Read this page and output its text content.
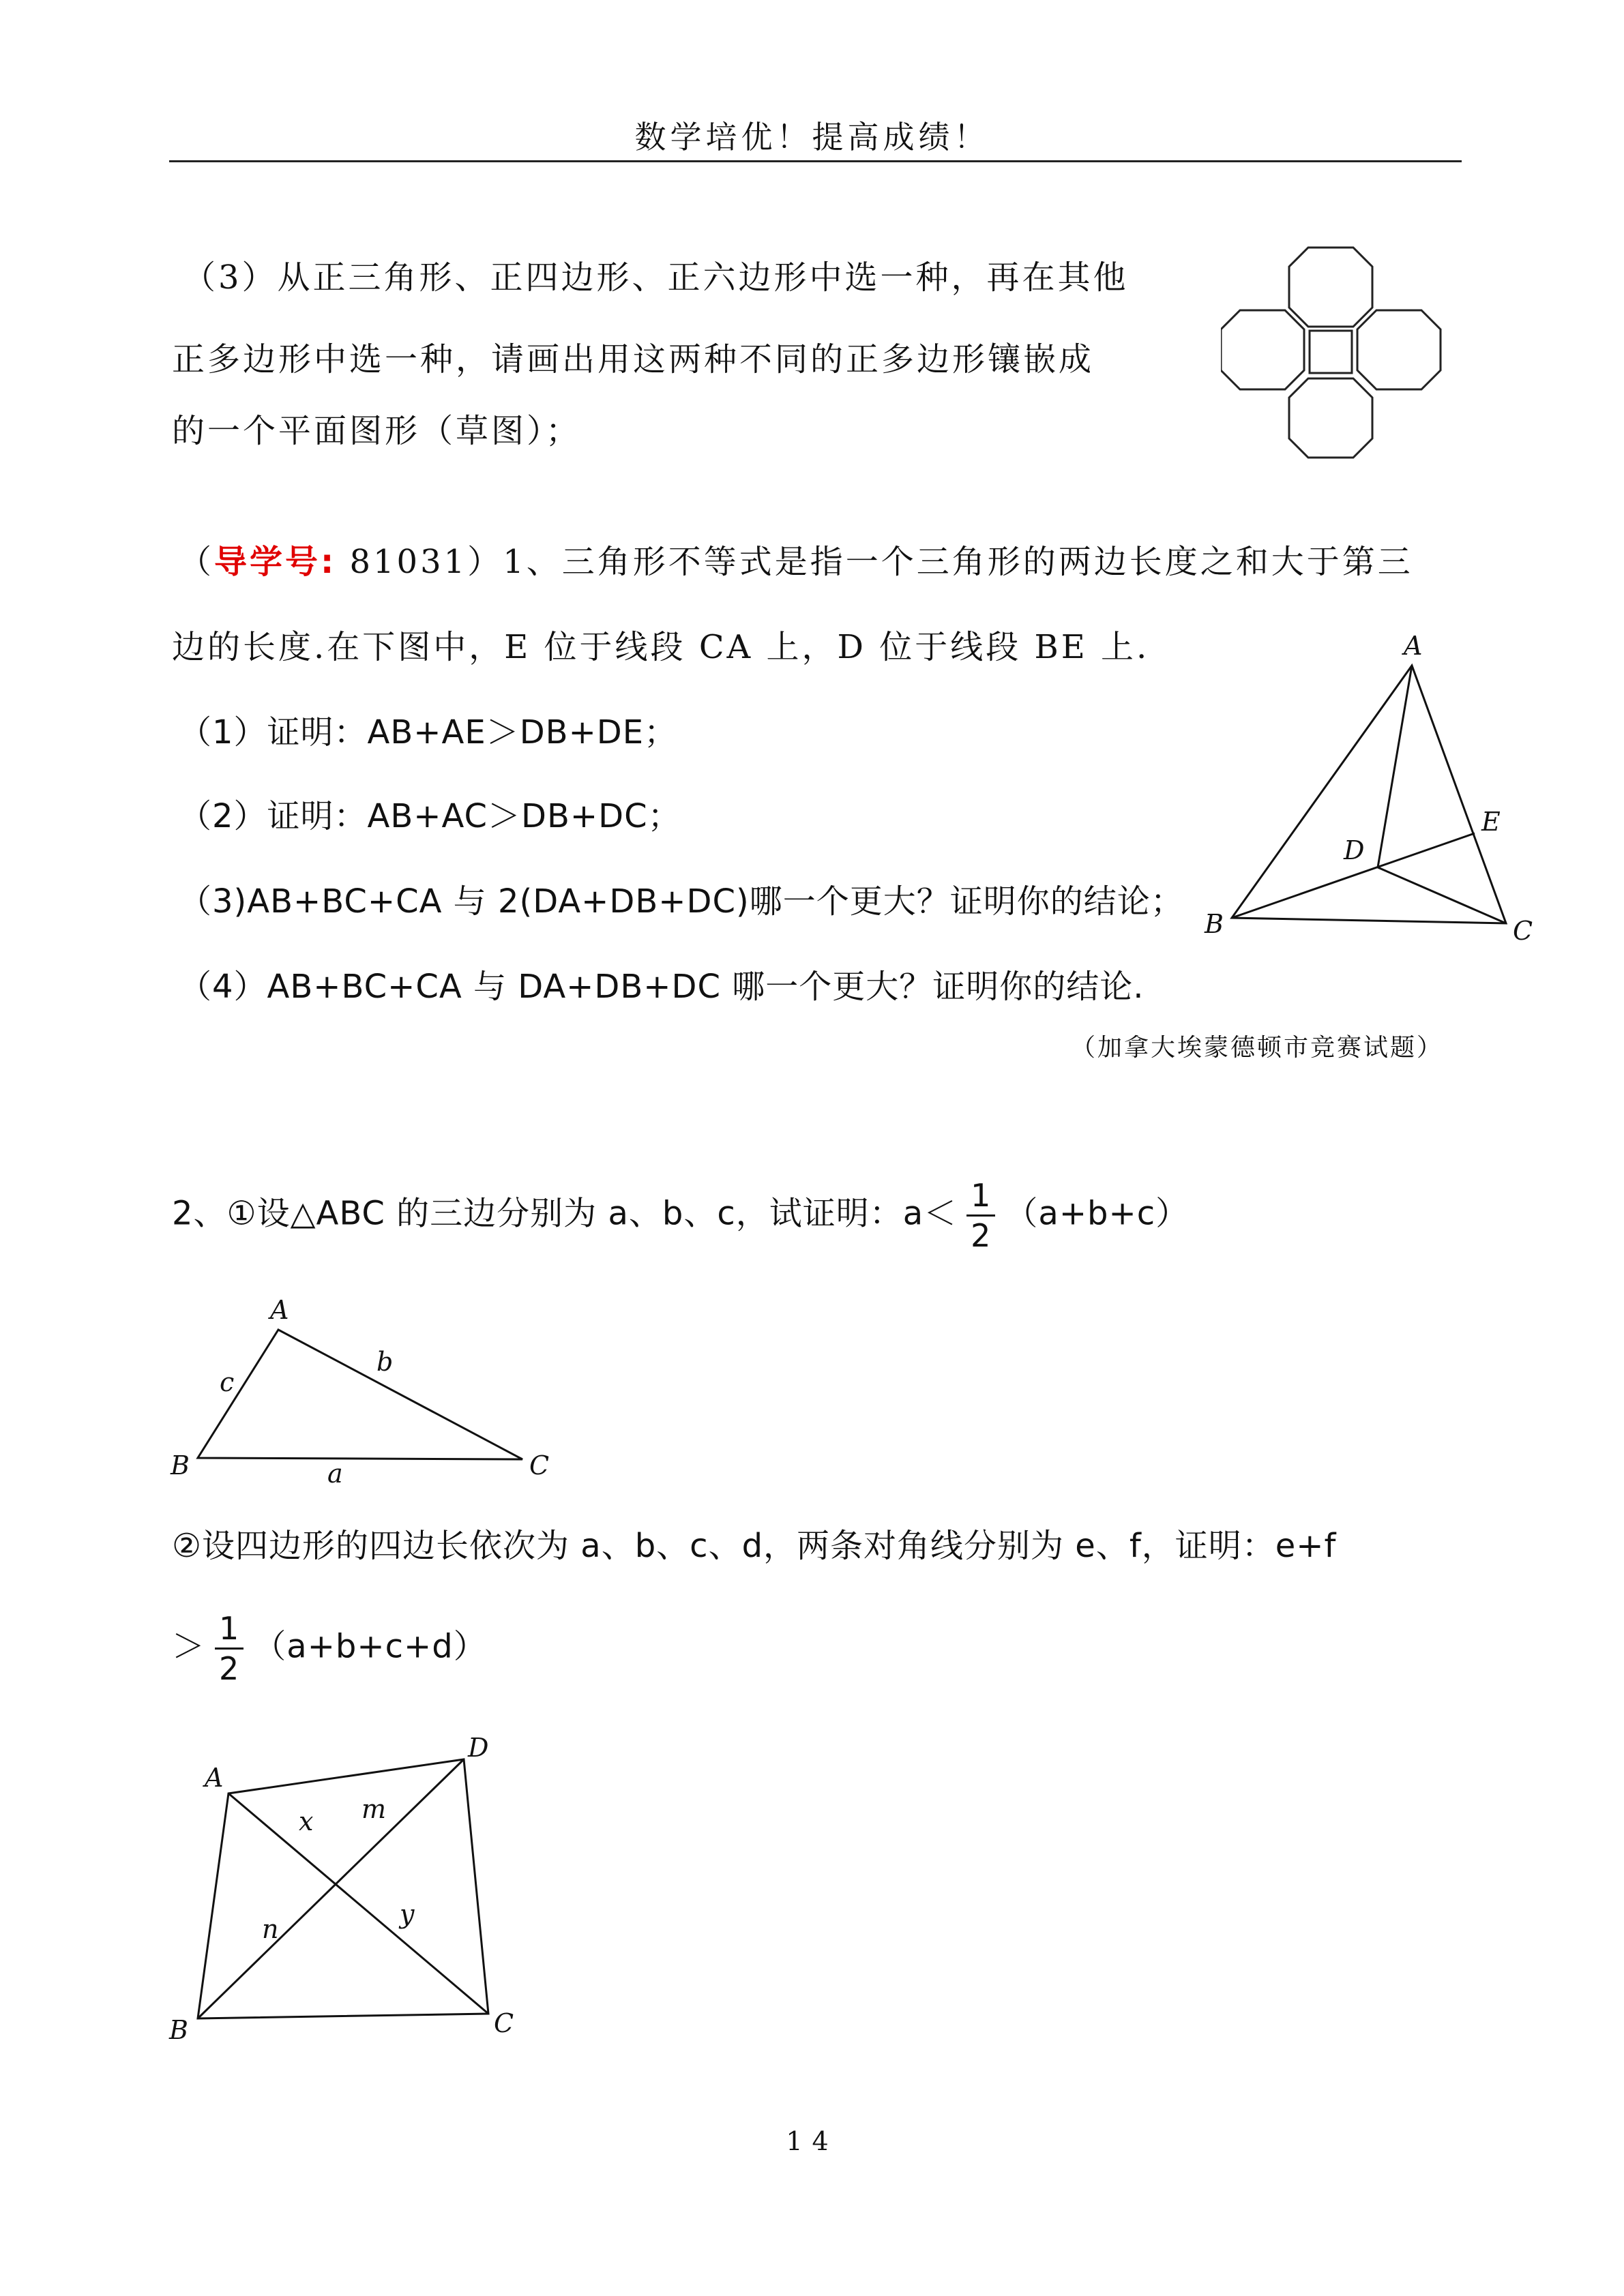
数学培优！提高成绩！
（3）从正三角形、正四边形、正六边形中选一种，再在其他
正多边形中选一种，请画出用这两种不同的正多边形镶嵌成
的一个平面图形（草图）；
（导学号: 81031）1、三角形不等式是指一个三角形的两边长度之和大于第三
边的长度.在下图中，E 位于线段 CA 上，D 位于线段 BE 上.
（1）证明：AB+AE＞DB+DE；
（2）证明：AB+AC＞DB+DC；
（3)AB+BC+CA 与 2(DA+DB+DC)哪一个更大？证明你的结论；
（4）AB+BC+CA 与 DA+DB+DC 哪一个更大？证明你的结论.
（加拿大埃蒙德顿市竞赛试题）
A
B	C
D
E
2、①设△ABC 的三边分别为 a、b、c，试证明：$a< \frac{1}{2} (a+b+c)$
A
B	C
a
b
c
②设四边形的四边长依次为 a、b、c、d，两条对角线分别为 e、f，证明：e+f
＞ $\frac{1}{2} (a+b+c+d)$
A
B	C
D
x m
n	y
14
